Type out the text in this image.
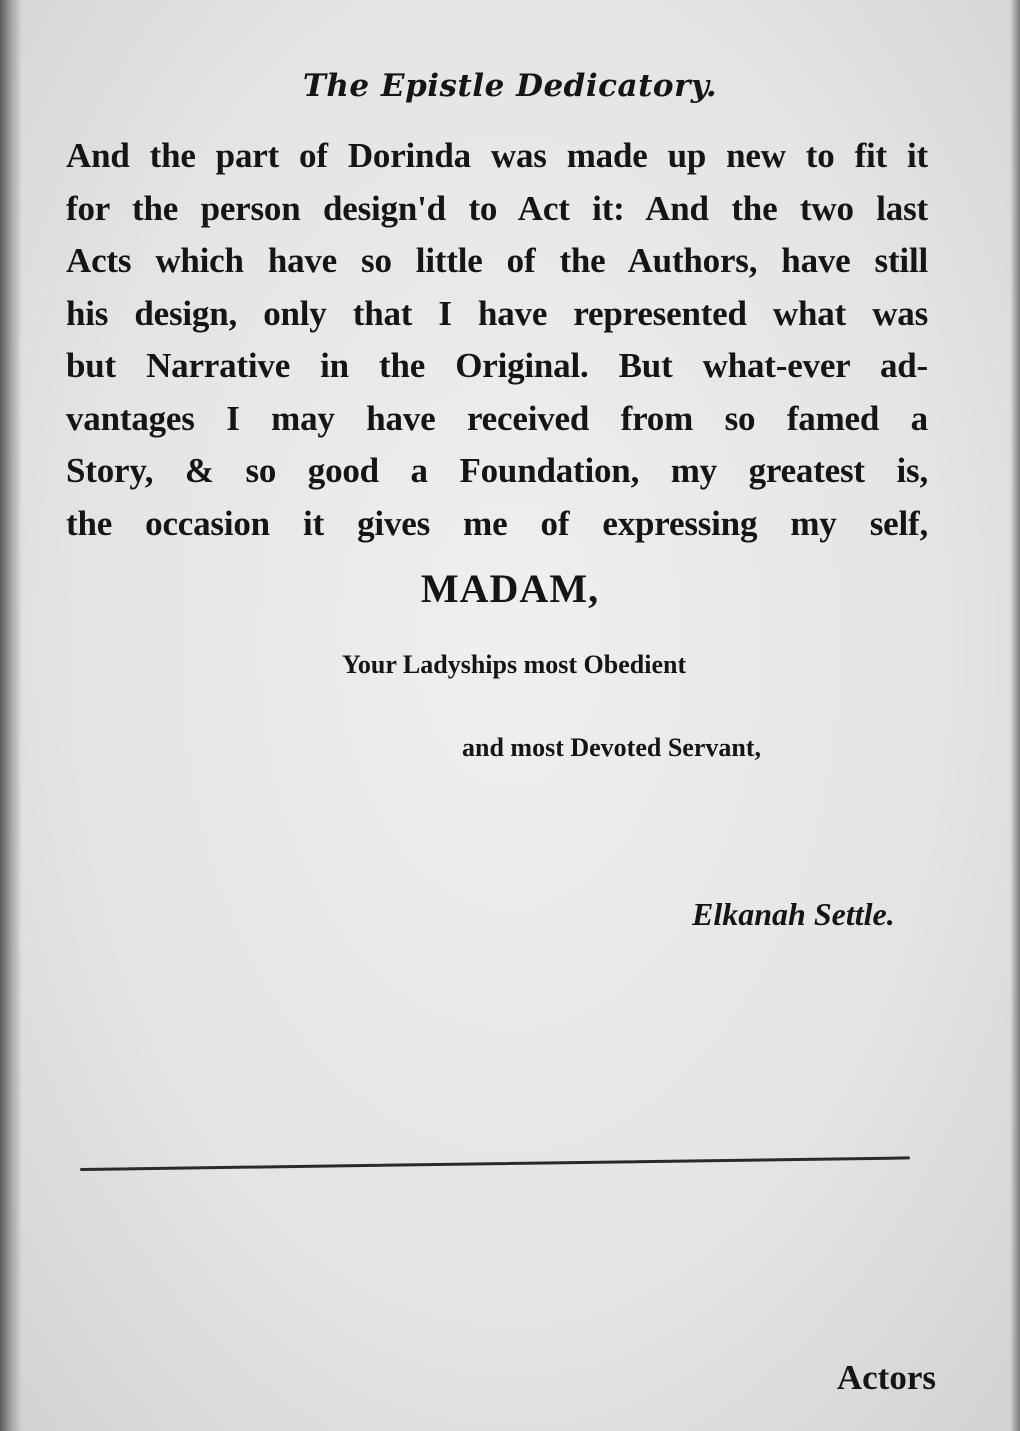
The Epistle Dedicatory.
And the part of Dorinda was made up new to fit it
for the person design'd to Act it: And the two last
Acts which have so little of the Authors, have still
his design, only that I have represented what was
but Narrative in the Original. But what-ever ad-
vantages I may have received from so famed a
Story, & so good a Foundation, my greatest is,
the occasion it gives me of expressing my self,
MADAM,
Your Ladyships most Obedient
and most Devoted Servant,
Elkanah Settle.
Actors
